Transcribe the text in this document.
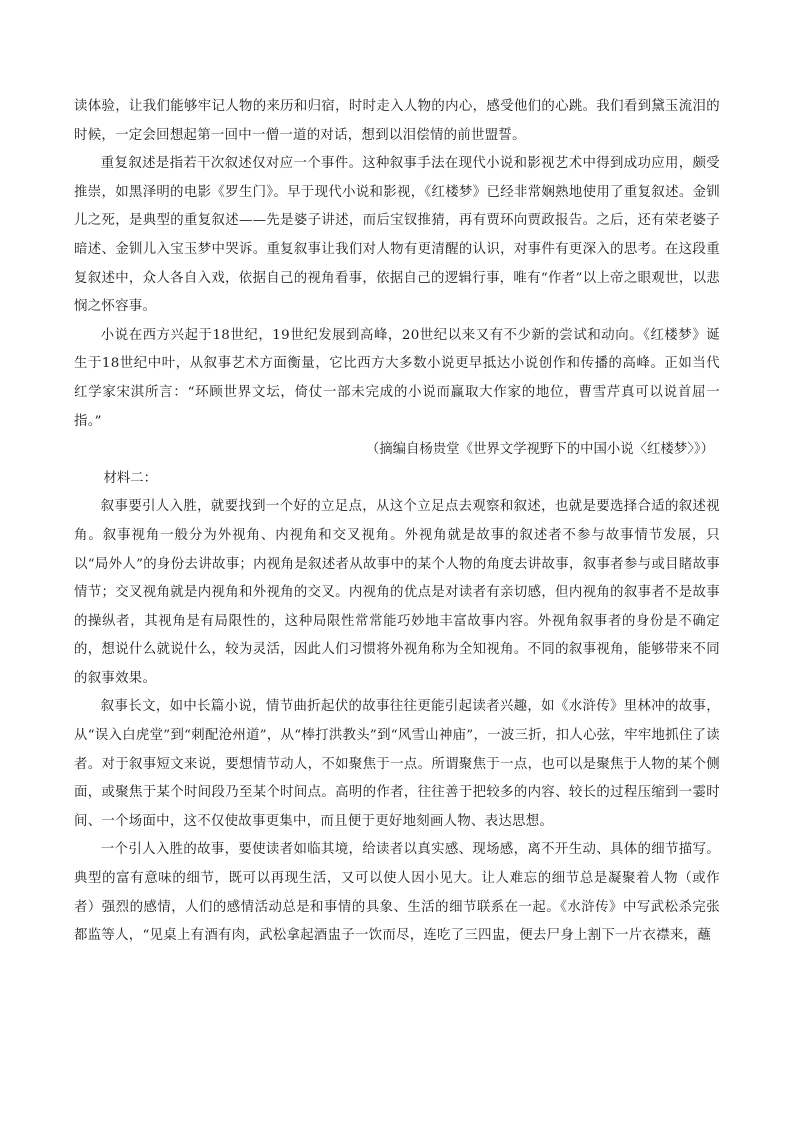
读体验，让我们能够牢记人物的来历和归宿，时时走入人物的内心，感受他们的心跳。我们看到黛玉流泪的时候，一定会回想起第一回中一僧一道的对话，想到以泪偿情的前世盟誓。

重复叙述是指若干次叙述仅对应一个事件。这种叙事手法在现代小说和影视艺术中得到成功应用，颇受推崇，如黑泽明的电影《罗生门》。早于现代小说和影视，《红楼梦》已经非常娴熟地使用了重复叙述。金钏儿之死，是典型的重复叙述——先是婆子讲述，而后宝钗推猜，再有贾环向贾政报告。之后，还有荣老婆子暗述、金钏儿入宝玉梦中哭诉。重复叙事让我们对人物有更清醒的认识，对事件有更深入的思考。在这段重复叙述中，众人各自入戏，依据自己的视角看事，依据自己的逻辑行事，唯有“作者”以上帝之眼观世，以悲悯之怀容事。

小说在西方兴起于18世纪，19世纪发展到高峰，20世纪以来又有不少新的尝试和动向。《红楼梦》诞生于18世纪中叶，从叙事艺术方面衡量，它比西方大多数小说更早抵达小说创作和传播的高峰。正如当代红学家宋淇所言：“环顾世界文坛，倚仗一部未完成的小说而赢取大作家的地位，曹雪芹真可以说首屈一指。”

（摘编自杨贵堂《世界文学视野下的中国小说〈红楼梦〉》）

材料二：

叙事要引人入胜，就要找到一个好的立足点，从这个立足点去观察和叙述，也就是要选择合适的叙述视角。叙事视角一般分为外视角、内视角和交叉视角。外视角就是故事的叙述者不参与故事情节发展，只以“局外人”的身份去讲故事；内视角是叙述者从故事中的某个人物的角度去讲故事，叙事者参与或目睹故事情节；交叉视角就是内视角和外视角的交叉。内视角的优点是对读者有亲切感，但内视角的叙事者不是故事的操纵者，其视角是有局限性的，这种局限性常常能巧妙地丰富故事内容。外视角叙事者的身份是不确定的，想说什么就说什么，较为灵活，因此人们习惯将外视角称为全知视角。不同的叙事视角，能够带来不同的叙事效果。

叙事长文，如中长篇小说，情节曲折起伏的故事往往更能引起读者兴趣，如《水浒传》里林冲的故事，从“误入白虎堂”到“刺配沧州道”，从“棒打洪教头”到“风雪山神庙”，一波三折，扣人心弦，牢牢地抓住了读者。对于叙事短文来说，要想情节动人，不如聚焦于一点。所谓聚焦于一点，也可以是聚焦于人物的某个侧面，或聚焦于某个时间段乃至某个时间点。高明的作者，往往善于把较多的内容、较长的过程压缩到一霎时间、一个场面中，这不仅使故事更集中，而且便于更好地刻画人物、表达思想。

一个引人入胜的故事，要使读者如临其境，给读者以真实感、现场感，离不开生动、具体的细节描写。典型的富有意味的细节，既可以再现生活，又可以使人因小见大。让人难忘的细节总是凝聚着人物（或作者）强烈的感情，人们的感情活动总是和事情的具象、生活的细节联系在一起。《水浒传》中写武松杀完张都监等人，“见桌上有酒有肉，武松拿起酒盅子一饮而尽，连吃了三四盅，便去尸身上割下一片衣襟来，蘸
